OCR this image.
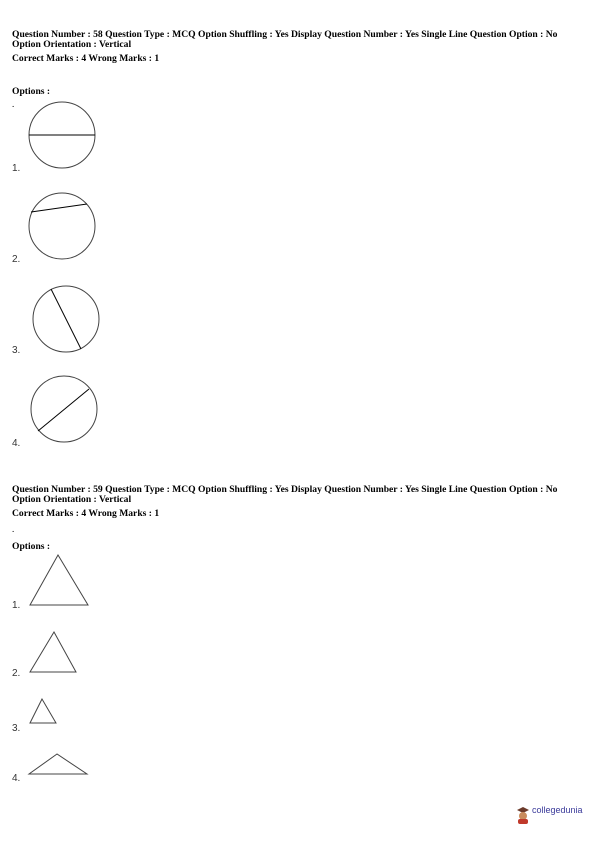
Question Number : 58 Question Type : MCQ Option Shuffling : Yes Display Question Number : Yes Single Line Question Option : No Option Orientation : Vertical
Correct Marks : 4 Wrong Marks : 1
Options :
.
1.
2.
3.
4.
Question Number : 59 Question Type : MCQ Option Shuffling : Yes Display Question Number : Yes Single Line Question Option : No Option Orientation : Vertical
Correct Marks : 4 Wrong Marks : 1
Options :
.
1.
2.
3.
4.
collegedunia
